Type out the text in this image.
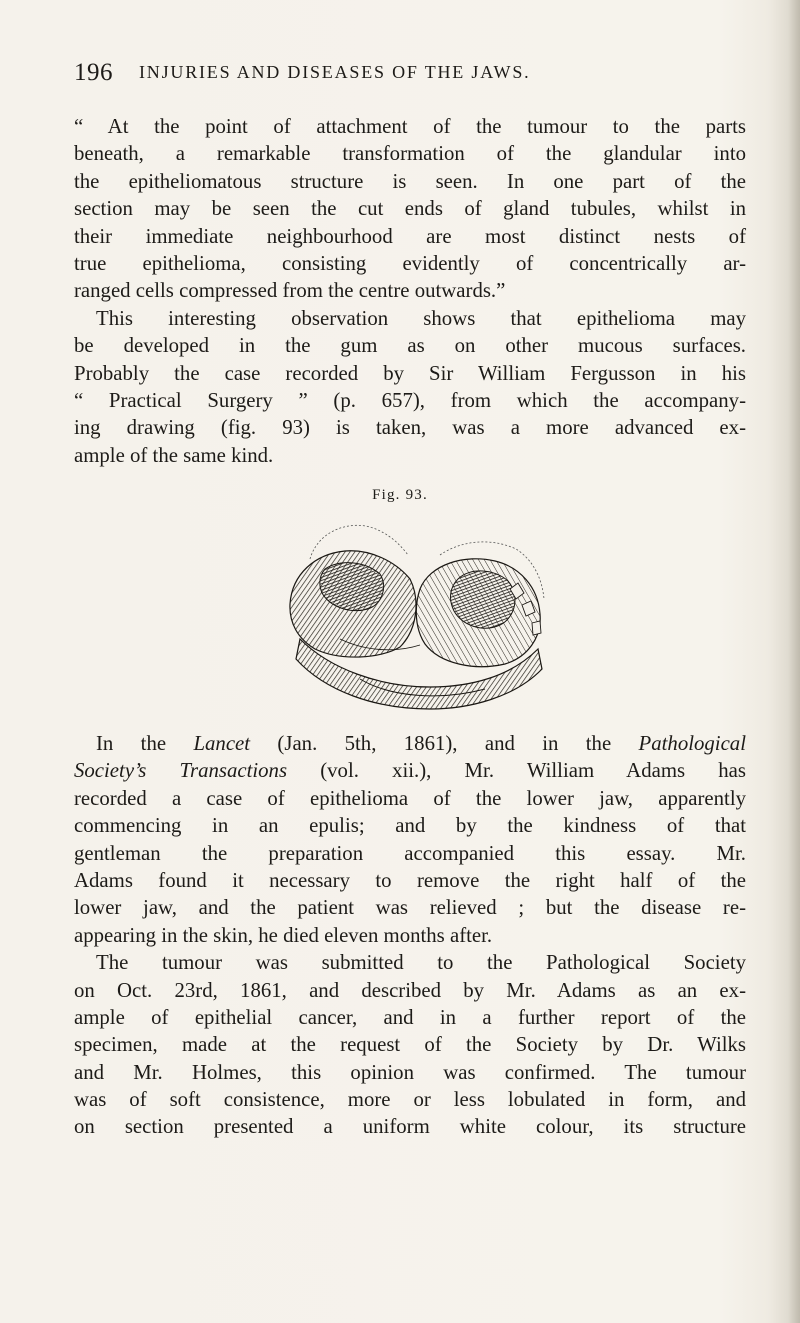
196 INJURIES AND DISEASES OF THE JAWS.
“ At the point of attachment of the tumour to the parts
beneath, a remarkable transformation of the glandular into
the epitheliomatous structure is seen. In one part of the
section may be seen the cut ends of gland tubules, whilst in
their immediate neighbourhood are most distinct nests of
true epithelioma, consisting evidently of concentrically ar-
ranged cells compressed from the centre outwards.”
This interesting observation shows that epithelioma may
be developed in the gum as on other mucous surfaces.
Probably the case recorded by Sir William Fergusson in his
“ Practical Surgery ” (p. 657), from which the accompany-
ing drawing (fig. 93) is taken, was a more advanced ex-
ample of the same kind.
Fig. 93.
In the Lancet (Jan. 5th, 1861), and in the Pathological
Society’s Transactions (vol. xii.), Mr. William Adams has
recorded a case of epithelioma of the lower jaw, apparently
commencing in an epulis; and by the kindness of that
gentleman the preparation accompanied this essay. Mr.
Adams found it necessary to remove the right half of the
lower jaw, and the patient was relieved ; but the disease re-
appearing in the skin, he died eleven months after.
The tumour was submitted to the Pathological Society
on Oct. 23rd, 1861, and described by Mr. Adams as an ex-
ample of epithelial cancer, and in a further report of the
specimen, made at the request of the Society by Dr. Wilks
and Mr. Holmes, this opinion was confirmed. The tumour
was of soft consistence, more or less lobulated in form, and
on section presented a uniform white colour, its structure
